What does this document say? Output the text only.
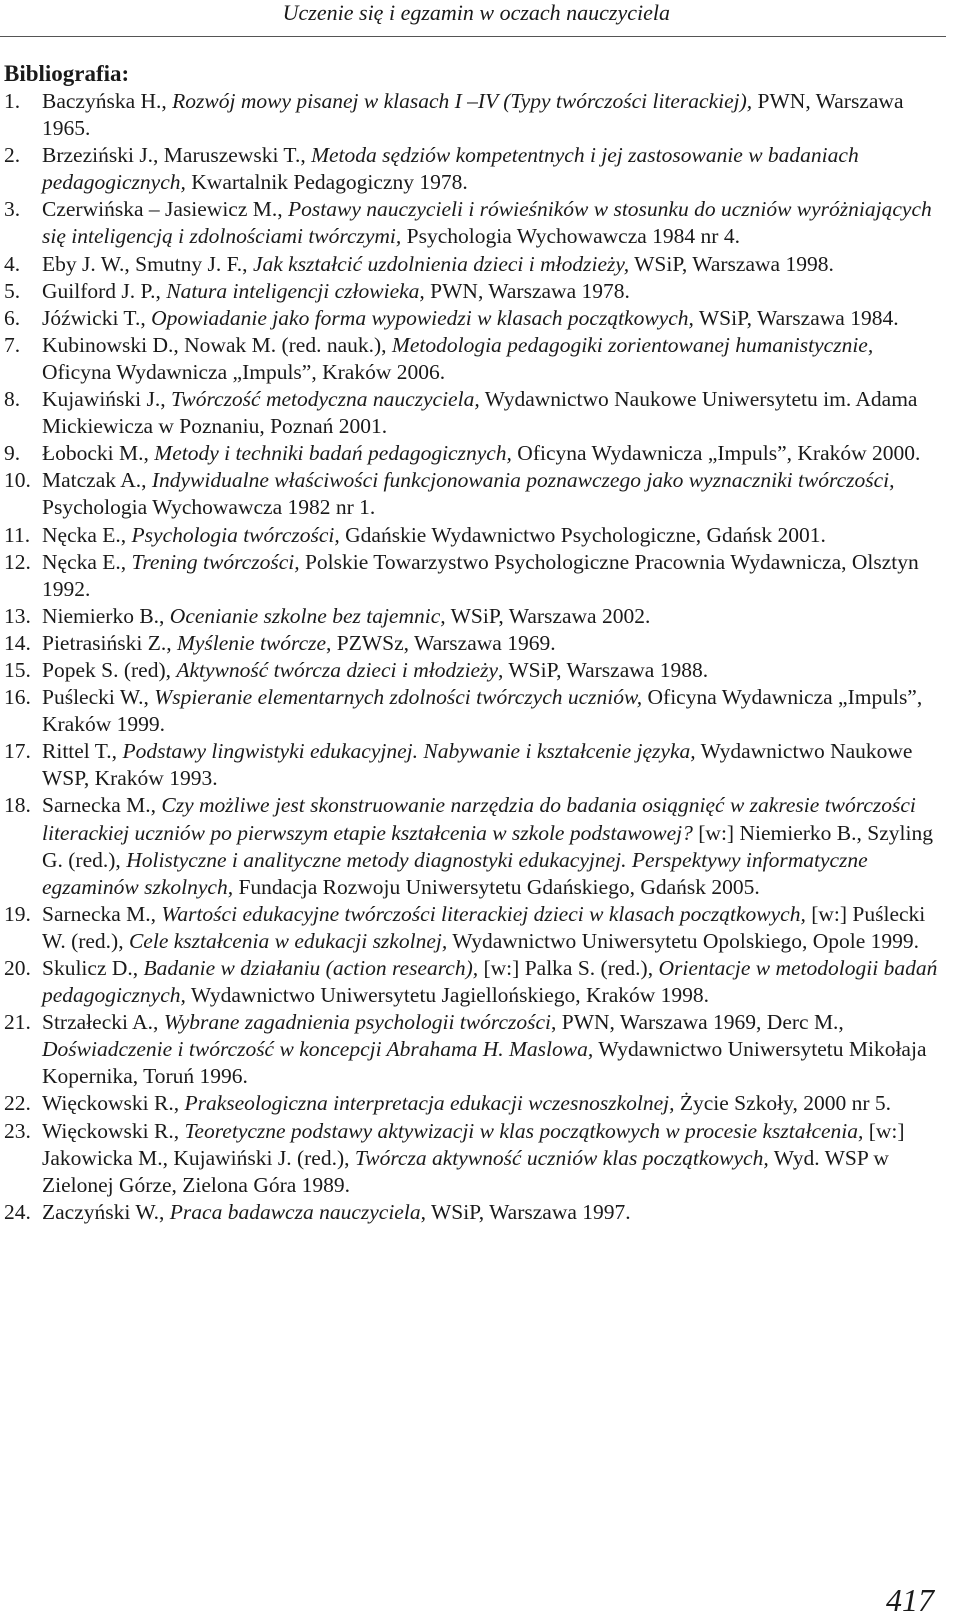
Uczenie się i egzamin w oczach nauczyciela
Bibliografia:
1. Baczyńska H., Rozwój mowy pisanej w klasach I –IV (Typy twórczości literackiej), PWN, Warszawa 1965.
2. Brzeziński J., Maruszewski T., Metoda sędziów kompetentnych i jej zastosowanie w badaniach pedagogicznych, Kwartalnik Pedagogiczny 1978.
3. Czerwińska – Jasiewicz M., Postawy nauczycieli i rówieśników w stosunku do uczniów wyróżniających się inteligencją i zdolnościami twórczymi, Psychologia Wychowawcza 1984 nr 4.
4. Eby J. W., Smutny J. F., Jak kształcić uzdolnienia dzieci i młodzieży, WSiP, Warszawa 1998.
5. Guilford J. P., Natura inteligencji człowieka, PWN, Warszawa 1978.
6. Jóźwicki T., Opowiadanie jako forma wypowiedzi w klasach początkowych, WSiP, Warszawa 1984.
7. Kubinowski D., Nowak M. (red. nauk.), Metodologia pedagogiki zorientowanej humanistycznie, Oficyna Wydawnicza „Impuls”, Kraków 2006.
8. Kujawiński J., Twórczość metodyczna nauczyciela, Wydawnictwo Naukowe Uniwersytetu im. Adama Mickiewicza w Poznaniu, Poznań 2001.
9. Łobocki M., Metody i techniki badań pedagogicznych, Oficyna Wydawnicza „Impuls”, Kraków 2000.
10. Matczak A., Indywidualne właściwości funkcjonowania poznawczego jako wyznaczniki twórczości, Psychologia Wychowawcza 1982 nr 1.
11. Nęcka E., Psychologia twórczości, Gdańskie Wydawnictwo Psychologiczne, Gdańsk 2001.
12. Nęcka E., Trening twórczości, Polskie Towarzystwo Psychologiczne Pracownia Wydawnicza, Olsztyn 1992.
13. Niemierko B., Ocenianie szkolne bez tajemnic, WSiP, Warszawa 2002.
14. Pietrasiński Z., Myślenie twórcze, PZWSz, Warszawa 1969.
15. Popek S. (red), Aktywność twórcza dzieci i młodzieży, WSiP, Warszawa 1988.
16. Puślecki W., Wspieranie elementarnych zdolności twórczych uczniów, Oficyna Wydawnicza „Impuls”, Kraków 1999.
17. Rittel T., Podstawy lingwistyki edukacyjnej. Nabywanie i kształcenie języka, Wydawnictwo Naukowe WSP, Kraków 1993.
18. Sarnecka M., Czy możliwe jest skonstruowanie narzędzia do badania osiągnięć w zakresie twórczości literackiej uczniów po pierwszym etapie kształcenia w szkole podstawowej? [w:] Niemierko B., Szyling G. (red.), Holistyczne i analityczne metody diagnostyki edukacyjnej. Perspektywy informatyczne egzaminów szkolnych, Fundacja Rozwoju Uniwersytetu Gdańskiego, Gdańsk 2005.
19. Sarnecka M., Wartości edukacyjne twórczości literackiej dzieci w klasach początkowych, [w:] Puślecki W. (red.), Cele kształcenia w edukacji szkolnej, Wydawnictwo Uniwersytetu Opolskiego, Opole 1999.
20. Skulicz D., Badanie w działaniu (action research), [w:] Palka S. (red.), Orientacje w metodologii badań pedagogicznych, Wydawnictwo Uniwersytetu Jagiellońskiego, Kraków 1998.
21. Strzałecki A., Wybrane zagadnienia psychologii twórczości, PWN, Warszawa 1969, Derc M., Doświadczenie i twórczość w koncepcji Abrahama H. Maslowa, Wydawnictwo Uniwersytetu Mikołaja Kopernika, Toruń 1996.
22. Więckowski R., Prakseologiczna interpretacja edukacji wczesnoszkolnej, Życie Szkoły, 2000 nr 5.
23. Więckowski R., Teoretyczne podstawy aktywizacji w klas początkowych w procesie kształcenia, [w:] Jakowicka M., Kujawiński J. (red.), Twórcza aktywność uczniów klas początkowych, Wyd. WSP w Zielonej Górze, Zielona Góra 1989.
24. Zaczyński W., Praca badawcza nauczyciela, WSiP, Warszawa 1997.
417
